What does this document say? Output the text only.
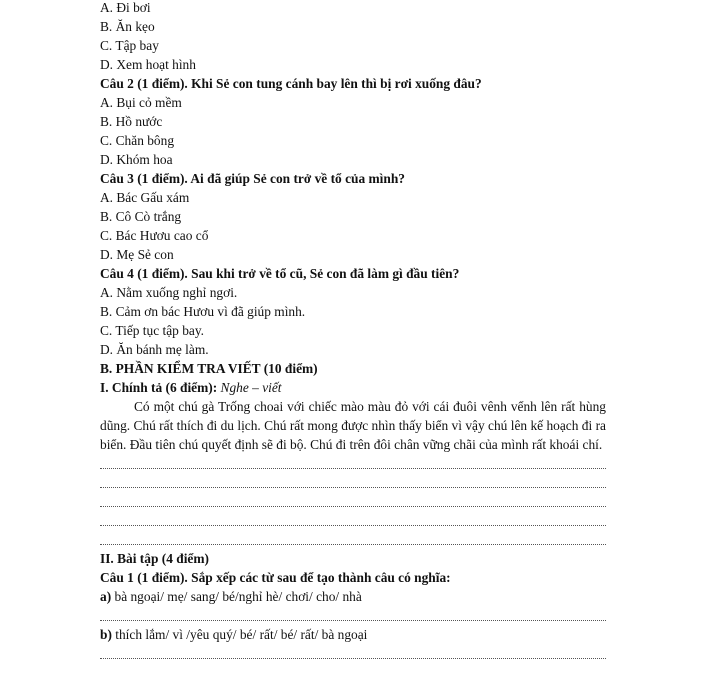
A. Đi bơi
B. Ăn kẹo
C. Tập bay
D. Xem hoạt hình
Câu 2 (1 điểm). Khi Sẻ con tung cánh bay lên thì bị rơi xuống đâu?
A. Bụi cỏ mềm
B. Hồ nước
C. Chăn bông
D. Khóm hoa
Câu 3 (1 điểm). Ai đã giúp Sẻ con trở về tổ của mình?
A. Bác Gấu xám
B. Cô Cò trắng
C. Bác Hươu cao cổ
D. Mẹ Sẻ con
Câu 4 (1 điểm). Sau khi trở về tổ cũ, Sẻ con đã làm gì đầu tiên?
A. Nằm xuống nghỉ ngơi.
B. Cảm ơn bác Hươu vì đã giúp mình.
C. Tiếp tục tập bay.
D. Ăn bánh mẹ làm.
B. PHẦN KIỂM TRA VIẾT (10 điểm)
I. Chính tả (6 điểm): Nghe – viết

Có một chú gà Trống choai với chiếc mào màu đỏ với cái đuôi vênh vểnh lên rất hùng dũng. Chú rất thích đi du lịch. Chú rất mong được nhìn thấy biển vì vậy chú lên kế hoạch đi ra biển. Đầu tiên chú quyết định sẽ đi bộ. Chú đi trên đôi chân vững chãi của mình rất khoái chí.

II. Bài tập (4 điểm)
Câu 1 (1 điểm). Sắp xếp các từ sau để tạo thành câu có nghĩa:
a) bà ngoại/ mẹ/ sang/ bé/nghỉ hè/ chơi/ cho/ nhà
b) thích lắm/ vì /yêu quý/ bé/ rất/ bé/ rất/ bà ngoại
